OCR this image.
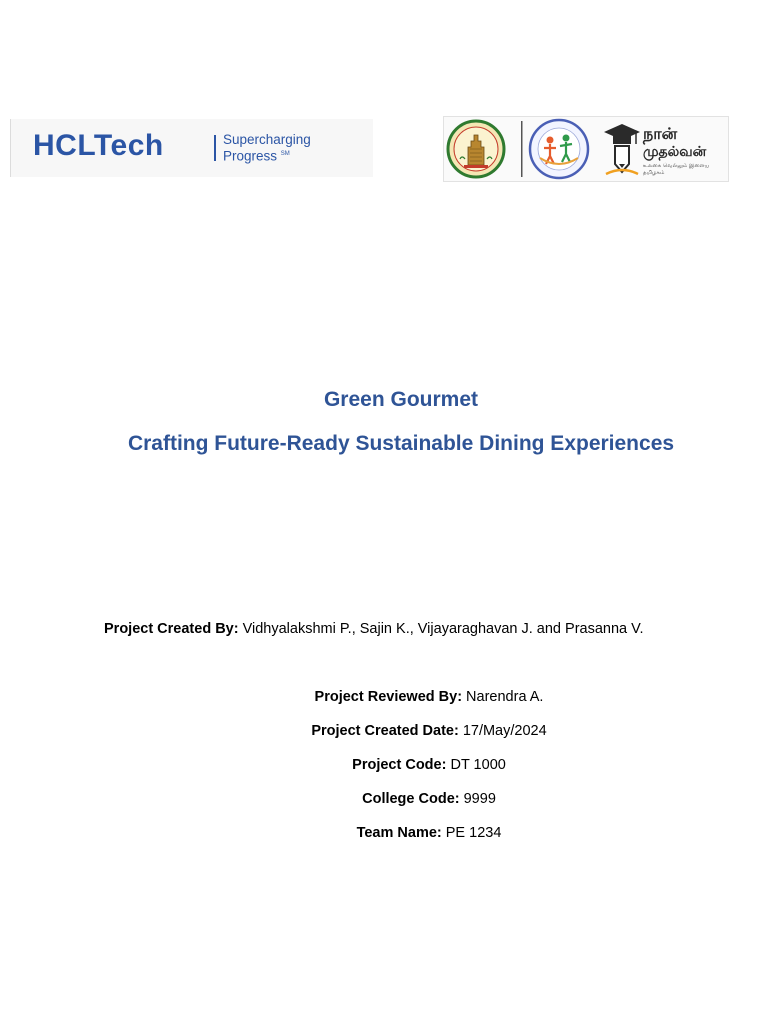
HCLTech	Supercharging
Progress ℠
நான்
முதல்வன்
உலகை வெல்லும் இளைய தமிழகம்
Green Gourmet
Crafting Future-Ready Sustainable Dining Experiences
Project Created By: Vidhyalakshmi P., Sajin K., Vijayaraghavan J. and Prasanna V.
Project Reviewed By: Narendra A.
Project Created Date: 17/May/2024
Project Code: DT 1000
College Code: 9999
Team Name: PE 1234
